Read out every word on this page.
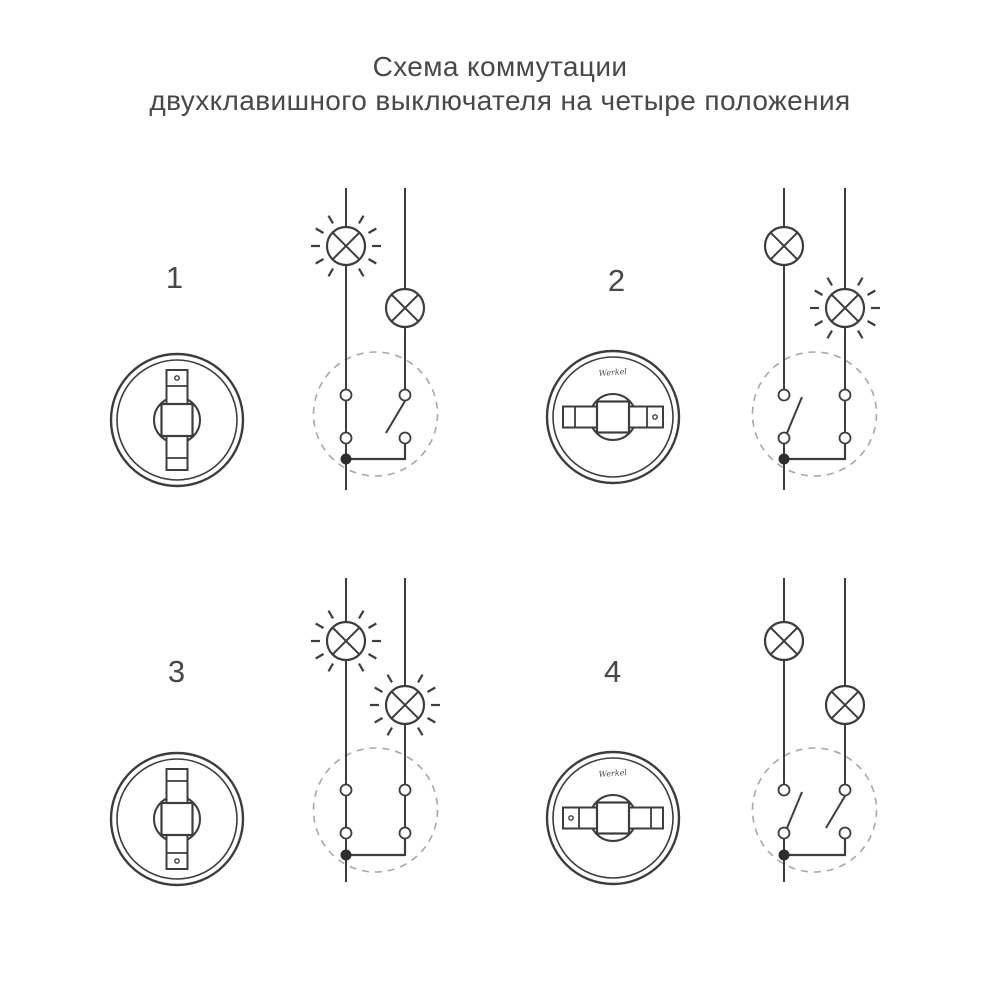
Схема коммутации
двухклавишного выключателя на четыре положения
1	2
3	4
Werkel
Werkel
